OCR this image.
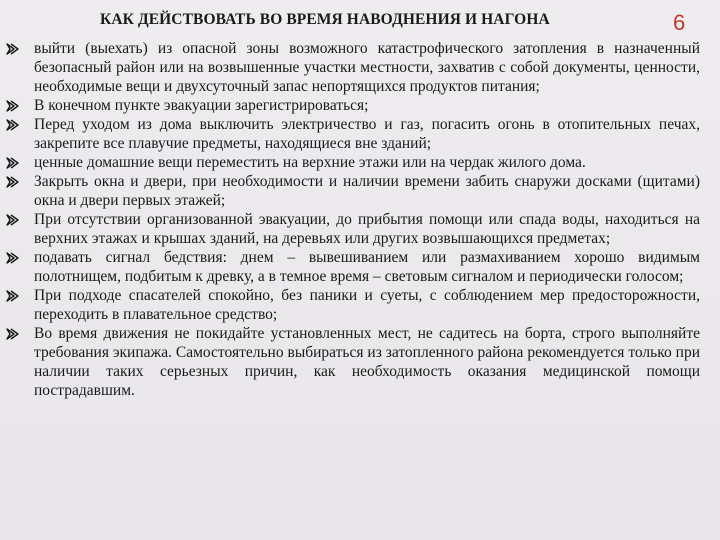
КАК ДЕЙСТВОВАТЬ ВО ВРЕМЯ НАВОДНЕНИЯ И НАГОНА	6
выйти (выехать) из опасной зоны возможного катастрофического затопления в назначенный безопасный район или на возвышенные участки местности, захватив с собой документы, ценности, необходимые вещи и двухсуточный запас непортящихся продуктов питания;
В конечном пункте эвакуации зарегистрироваться;
Перед уходом из дома выключить электричество и газ, погасить огонь в отопительных печах, закрепите все плавучие предметы, находящиеся вне зданий;
ценные домашние вещи переместить на верхние этажи или на чердак жилого дома.
Закрыть окна и двери, при необходимости и наличии времени забить снаружи досками (щитами) окна и двери первых этажей;
При отсутствии организованной эвакуации, до прибытия помощи или спада воды, находиться на верхних этажах и крышах зданий, на деревьях или других возвышающихся предметах;
подавать сигнал бедствия: днем – вывешиванием или размахиванием хорошо видимым полотнищем, подбитым к древку, а в темное время – световым сигналом и периодически голосом;
При подходе спасателей спокойно, без паники и суеты, с соблюдением мер предосторожности, переходить в плавательное средство;
Во время движения не покидайте установленных мест, не садитесь на борта, строго выполняйте требования экипажа. Самостоятельно выбираться из затопленного района рекомендуется только при наличии таких серьезных причин, как необходимость оказания медицинской помощи пострадавшим.
